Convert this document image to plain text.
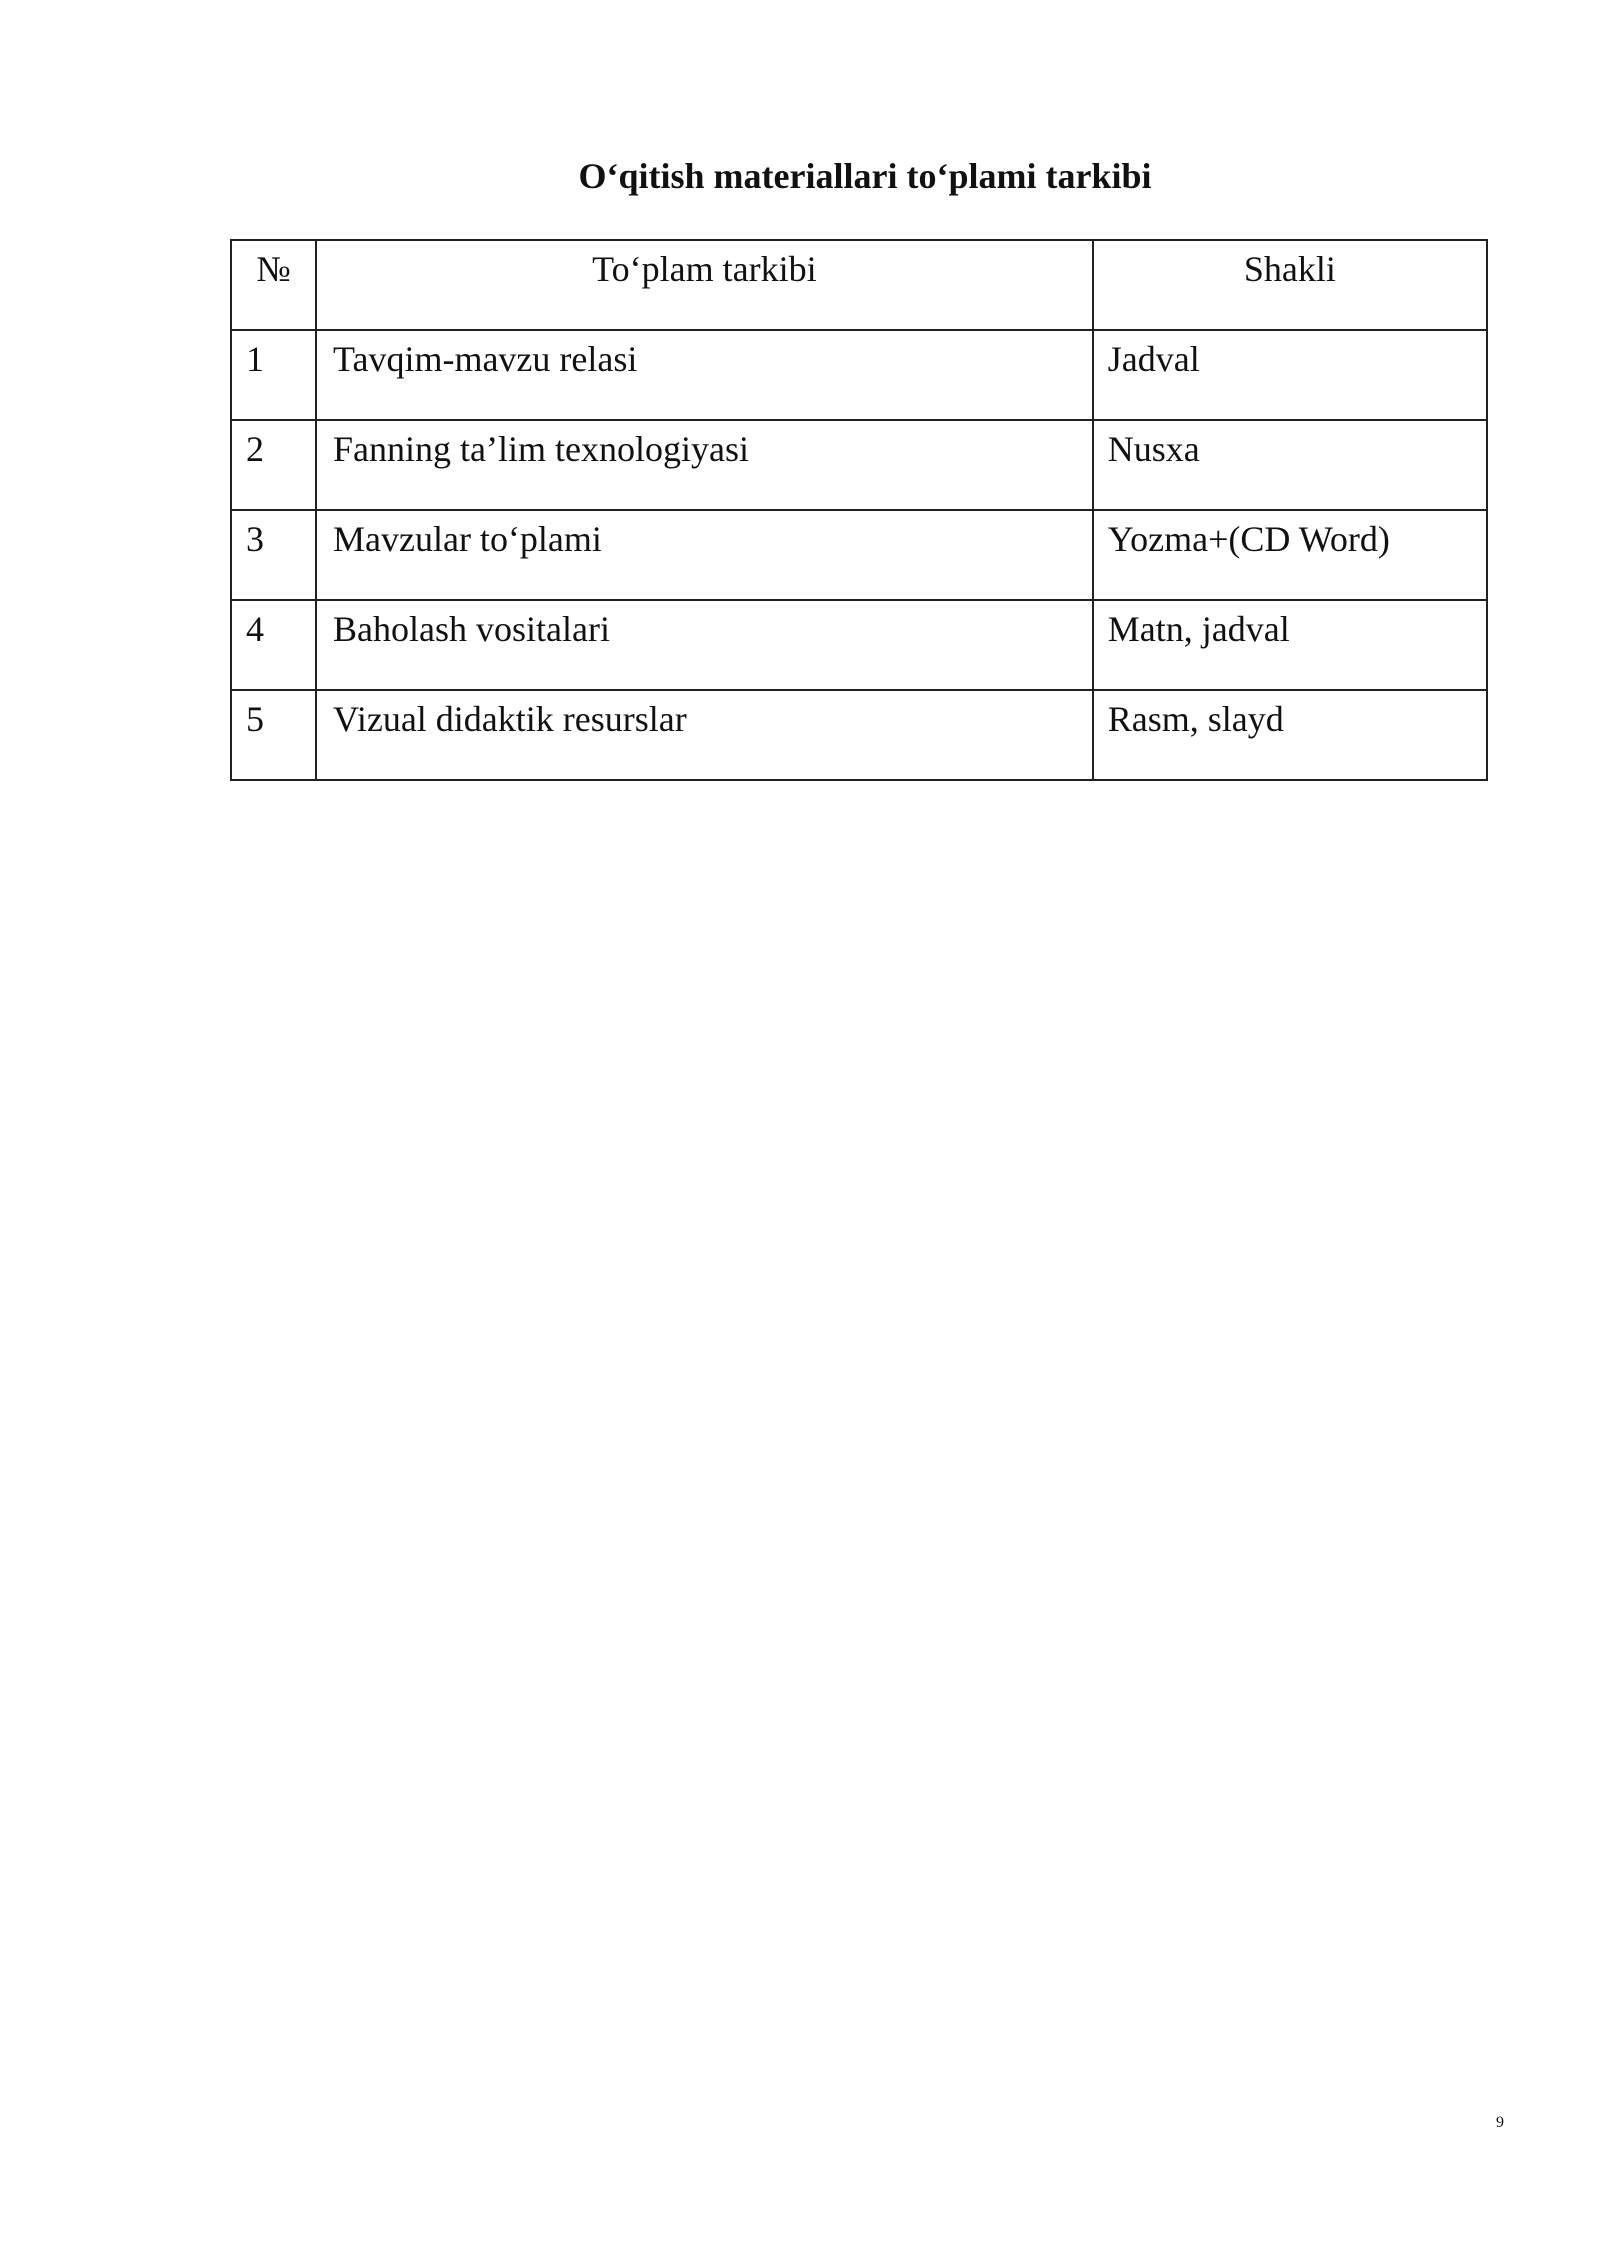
O‘qitish materiallari to‘plami tarkibi
№	To‘plam tarkibi	Shakli
1	Tavqim-mavzu relasi	Jadval
2	Fanning ta’lim texnologiyasi	Nusxa
3	Mavzular to‘plami	Yozma+(CD Word)
4	Baholash vositalari	Matn, jadval
5	Vizual didaktik resurslar	Rasm, slayd
9
